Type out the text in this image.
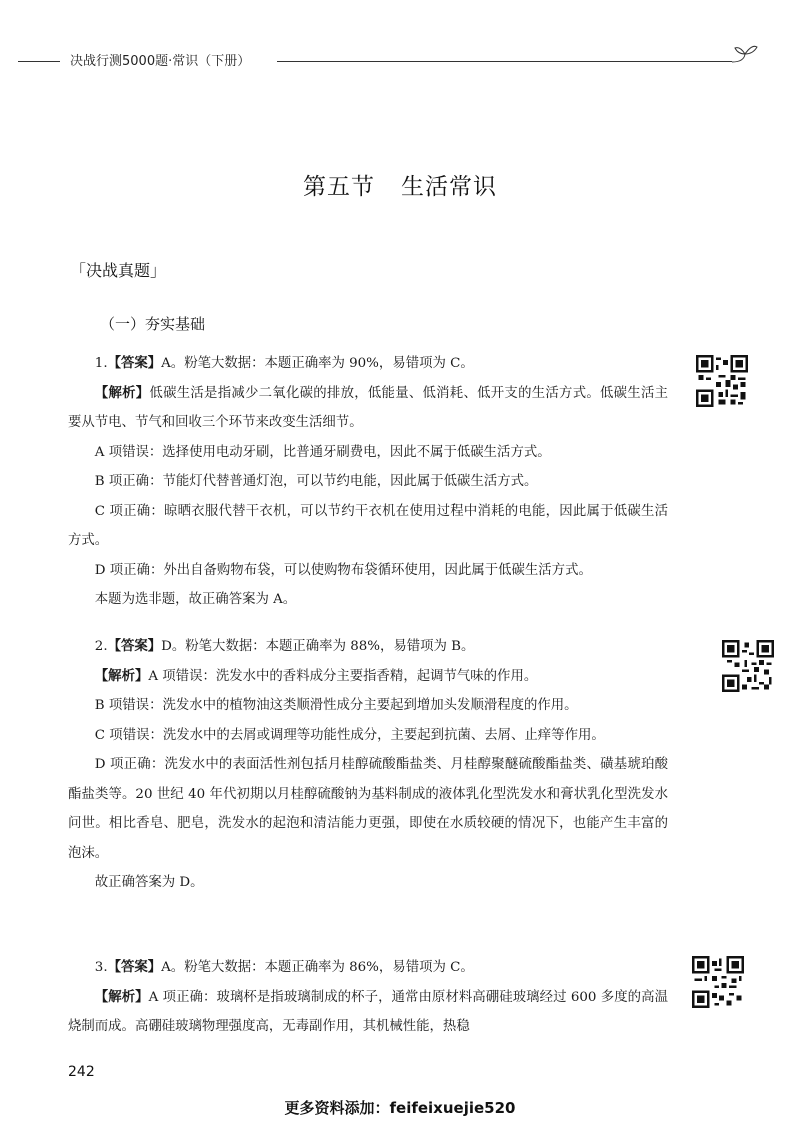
决战行测5000题·常识（下册）
第五节 生活常识
「决战真题」
（一）夯实基础

1.【答案】A。粉笔大数据：本题正确率为 90%，易错项为 C。

【解析】低碳生活是指减少二氧化碳的排放，低能量、低消耗、低开支的生活方式。低碳生活主要从节电、节气和回收三个环节来改变生活细节。

A 项错误：选择使用电动牙刷，比普通牙刷费电，因此不属于低碳生活方式。

B 项正确：节能灯代替普通灯泡，可以节约电能，因此属于低碳生活方式。

C 项正确：晾晒衣服代替干衣机，可以节约干衣机在使用过程中消耗的电能，因此属于低碳生活方式。

D 项正确：外出自备购物布袋，可以使购物布袋循环使用，因此属于低碳生活方式。

本题为选非题，故正确答案为 A。

2.【答案】D。粉笔大数据：本题正确率为 88%，易错项为 B。

【解析】A 项错误：洗发水中的香料成分主要指香精，起调节气味的作用。

B 项错误：洗发水中的植物油这类顺滑性成分主要起到增加头发顺滑程度的作用。

C 项错误：洗发水中的去屑或调理等功能性成分，主要起到抗菌、去屑、止痒等作用。

D 项正确：洗发水中的表面活性剂包括月桂醇硫酸酯盐类、月桂醇聚醚硫酸酯盐类、磺基琥珀酸酯盐类等。20 世纪 40 年代初期以月桂醇硫酸钠为基料制成的液体乳化型洗发水和膏状乳化型洗发水问世。相比香皂、肥皂，洗发水的起泡和清洁能力更强，即使在水质较硬的情况下，也能产生丰富的泡沫。

故正确答案为 D。

3.【答案】A。粉笔大数据：本题正确率为 86%，易错项为 C。

【解析】A 项正确：玻璃杯是指玻璃制成的杯子，通常由原材料高硼硅玻璃经过 600 多度的高温烧制而成。高硼硅玻璃物理强度高，无毒副作用，其机械性能，热稳

242
更多资料添加：feifeixuejie520
